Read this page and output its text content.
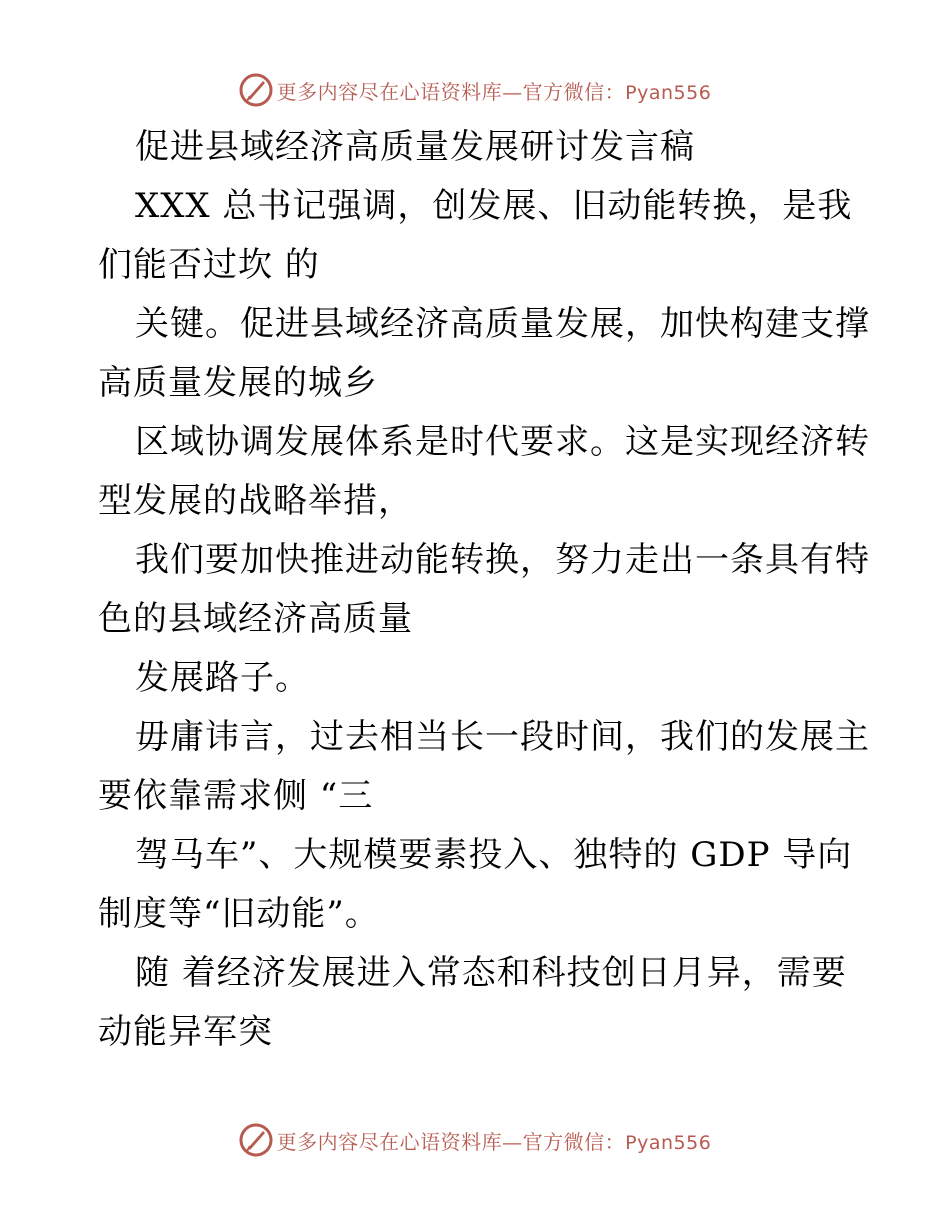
更多内容尽在心语资料库—官方微信：Pyan556
促进县域经济高质量发展研讨发言稿

XXX 总书记强调，创发展、旧动能转换，是我
们能否过坎 的

关键。促进县域经济高质量发展，加快构建支撑
高质量发展的城乡

区域协调发展体系是时代要求。这是实现经济转
型发展的战略举措，

我们要加快推进动能转换，努力走出一条具有特
色的县域经济高质量

发展路子。

毋庸讳言，过去相当长一段时间，我们的发展主
要依靠需求侧 “三

驾马车”、大规模要素投入、独特的 GDP 导向
制度等“旧动能”。

随 着经济发展进入常态和科技创日月异，需要
动能异军突

更多内容尽在心语资料库—官方微信：Pyan556
